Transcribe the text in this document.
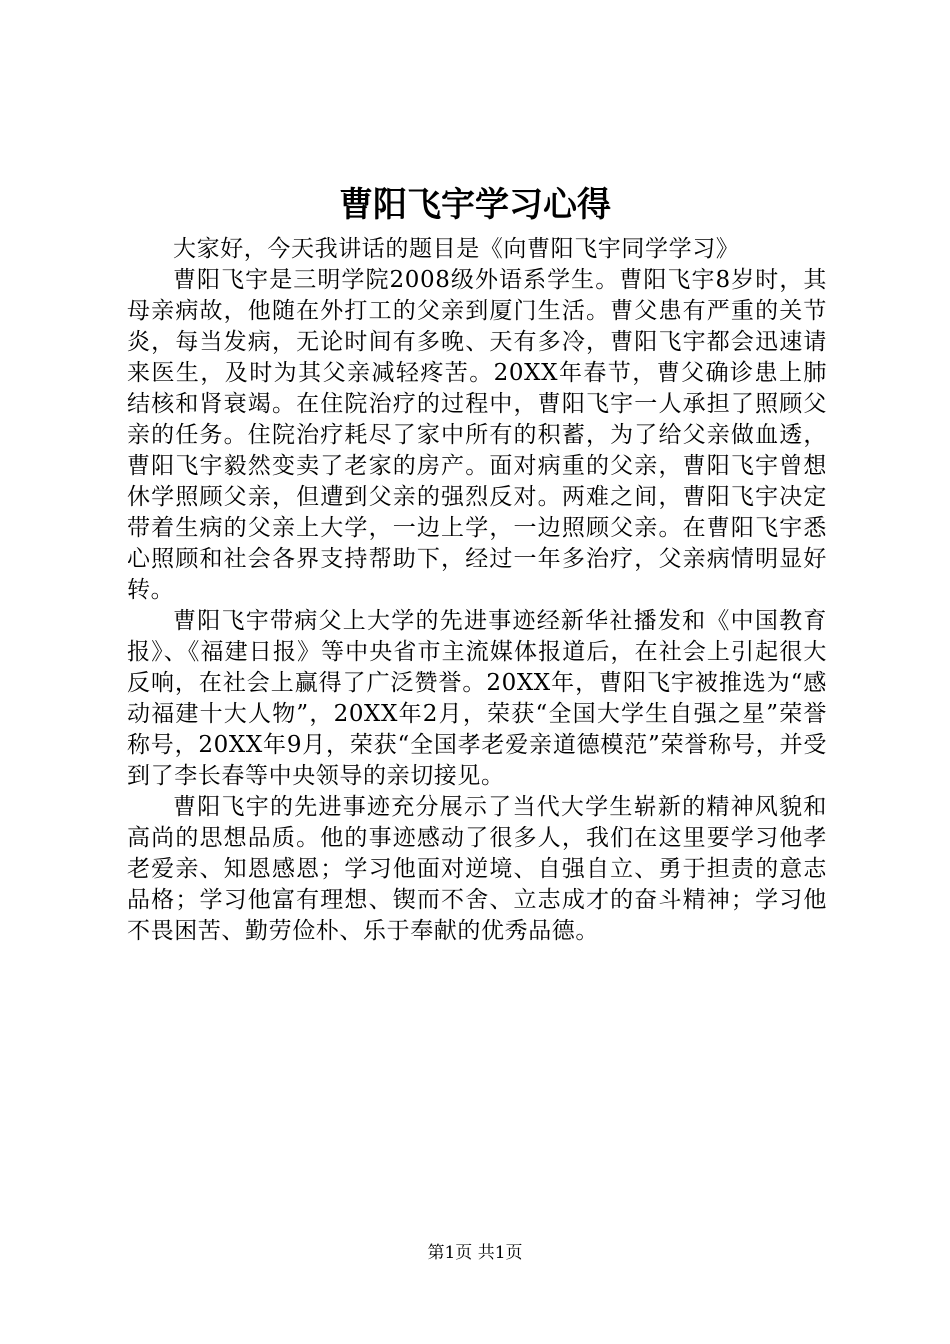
曹阳飞宇学习心得

大家好，今天我讲话的题目是《向曹阳飞宇同学学习》

曹阳飞宇是三明学院2008级外语系学生。曹阳飞宇8岁时，其母亲病故，他随在外打工的父亲到厦门生活。曹父患有严重的关节炎，每当发病，无论时间有多晚、天有多冷，曹阳飞宇都会迅速请来医生，及时为其父亲减轻疼苦。20XX年春节，曹父确诊患上肺结核和肾衰竭。在住院治疗的过程中，曹阳飞宇一人承担了照顾父亲的任务。住院治疗耗尽了家中所有的积蓄，为了给父亲做血透，曹阳飞宇毅然变卖了老家的房产。面对病重的父亲，曹阳飞宇曾想休学照顾父亲，但遭到父亲的强烈反对。两难之间，曹阳飞宇决定带着生病的父亲上大学，一边上学，一边照顾父亲。在曹阳飞宇悉心照顾和社会各界支持帮助下，经过一年多治疗，父亲病情明显好转。

曹阳飞宇带病父上大学的先进事迹经新华社播发和《中国教育报》、《福建日报》等中央省市主流媒体报道后，在社会上引起很大反响，在社会上赢得了广泛赞誉。20XX年，曹阳飞宇被推选为“感动福建十大人物”，20XX年2月，荣获“全国大学生自强之星”荣誉称号，20XX年9月，荣获“全国孝老爱亲道德模范”荣誉称号，并受到了李长春等中央领导的亲切接见。

曹阳飞宇的先进事迹充分展示了当代大学生崭新的精神风貌和高尚的思想品质。他的事迹感动了很多人，我们在这里要学习他孝老爱亲、知恩感恩；学习他面对逆境、自强自立、勇于担责的意志品格；学习他富有理想、锲而不舍、立志成才的奋斗精神；学习他不畏困苦、勤劳俭朴、乐于奉献的优秀品德。

第1页 共1页
